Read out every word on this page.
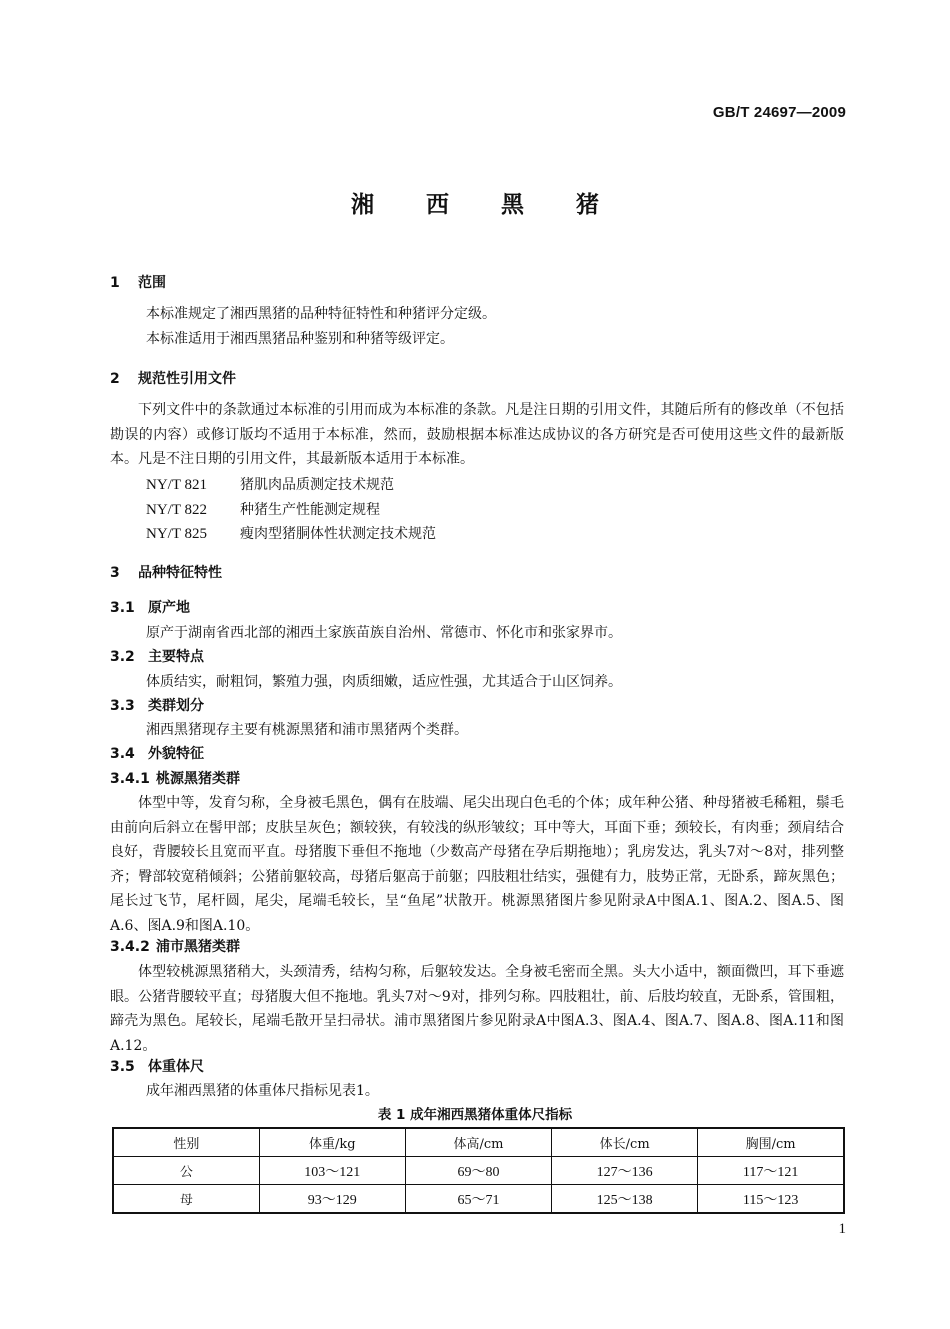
GB/T 24697—2009
湘 西 黑 猪
1 范围
本标准规定了湘西黑猪的品种特征特性和种猪评分定级。
本标准适用于湘西黑猪品种鉴别和种猪等级评定。
2 规范性引用文件

下列文件中的条款通过本标准的引用而成为本标准的条款。凡是注日期的引用文件，其随后所有的修改单（不包括勘误的内容）或修订版均不适用于本标准，然而，鼓励根据本标准达成协议的各方研究是否可使用这些文件的最新版本。凡是不注日期的引用文件，其最新版本适用于本标准。

NY/T 821 猪肌肉品质测定技术规范
NY/T 822 种猪生产性能测定规程
NY/T 825 瘦肉型猪胴体性状测定技术规范
3 品种特征特性
3.1 原产地
原产于湖南省西北部的湘西土家族苗族自治州、常德市、怀化市和张家界市。
3.2 主要特点
体质结实，耐粗饲，繁殖力强，肉质细嫩，适应性强，尤其适合于山区饲养。
3.3 类群划分
湘西黑猪现存主要有桃源黑猪和浦市黑猪两个类群。
3.4 外貌特征
3.4.1 桃源黑猪类群

体型中等，发育匀称，全身被毛黑色，偶有在肢端、尾尖出现白色毛的个体；成年种公猪、种母猪被毛稀粗，鬃毛由前向后斜立在髻甲部；皮肤呈灰色；额较狭，有较浅的纵形皱纹；耳中等大，耳面下垂；颈较长，有肉垂；颈肩结合良好，背腰较长且宽而平直。母猪腹下垂但不拖地（少数高产母猪在孕后期拖地）；乳房发达，乳头7对～8对，排列整齐；臀部较宽稍倾斜；公猪前躯较高，母猪后躯高于前躯；四肢粗壮结实，强健有力，肢势正常，无卧系，蹄灰黑色；尾长过飞节，尾杆圆，尾尖，尾端毛较长，呈“鱼尾”状散开。桃源黑猪图片参见附录A中图A.1、图A.2、图A.5、图A.6、图A.9和图A.10。

3.4.2 浦市黑猪类群

体型较桃源黑猪稍大，头颈清秀，结构匀称，后躯较发达。全身被毛密而全黑。头大小适中，额面微凹，耳下垂遮眼。公猪背腰较平直；母猪腹大但不拖地。乳头7对～9对，排列匀称。四肢粗壮，前、后肢均较直，无卧系，管围粗，蹄壳为黑色。尾较长，尾端毛散开呈扫帚状。浦市黑猪图片参见附录A中图A.3、图A.4、图A.7、图A.8、图A.11和图A.12。

3.5 体重体尺
成年湘西黑猪的体重体尺指标见表1。
表 1 成年湘西黑猪体重体尺指标
性别	体重/kg	体高/cm	体长/cm	胸围/cm
公	103～121	69～80	127～136	117～121
母	93～129	65～71	125～138	115～123
1
